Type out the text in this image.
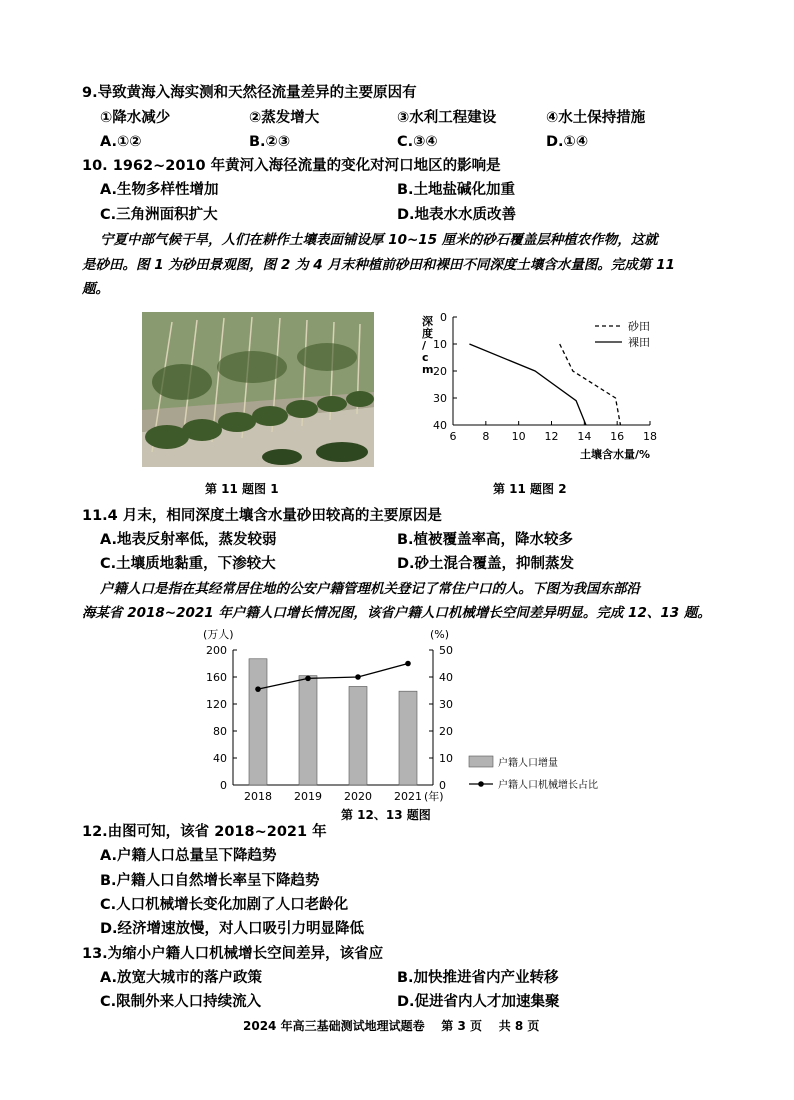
9.导致黄海入海实测和天然径流量差异的主要原因有
①降水减少	②蒸发增大	③水利工程建设	④水土保持措施
A.①②	B.②③	C.③④	D.①④
10. 1962~2010 年黄河入海径流量的变化对河口地区的影响是
A.生物多样性增加	B.土地盐碱化加重
C.三角洲面积扩大	D.地表水水质改善
宁夏中部气候干旱，人们在耕作土壤表面铺设厚 10~15 厘米的砂石覆盖层种植农作物，这就
是砂田。图 1 为砂田景观图，图 2 为 4 月末种植前砂田和裸田不同深度土壤含水量图。完成第 11
题。
第 11 题图 1
0
10
20
30
40
6 8 10 12 14 16 18
深度/ c m
土壤含水量/%
砂田
裸田
第 11 题图 2
11.4 月末，相同深度土壤含水量砂田较高的主要原因是
A.地表反射率低，蒸发较弱	B.植被覆盖率高，降水较多
C.土壤质地黏重，下渗较大	D.砂土混合覆盖，抑制蒸发
户籍人口是指在其经常居住地的公安户籍管理机关登记了常住户口的人。下图为我国东部沿
海某省 2018~2021 年户籍人口增长情况图，该省户籍人口机械增长空间差异明显。完成 12、13 题。
0
40
80
120
160
200
0
10
20
30
40
50
(万人)	(%)
2018 2019 2020 2021 (年)
户籍人口增量
户籍人口机械增长占比
第 12、13 题图
12.由图可知，该省 2018~2021 年
A.户籍人口总量呈下降趋势
B.户籍人口自然增长率呈下降趋势
C.人口机械增长变化加剧了人口老龄化
D.经济增速放慢，对人口吸引力明显降低
13.为缩小户籍人口机械增长空间差异，该省应
A.放宽大城市的落户政策	B.加快推进省内产业转移
C.限制外来人口持续流入	D.促进省内人才加速集聚
2024 年高三基础测试地理试题卷    第 3 页    共 8 页
